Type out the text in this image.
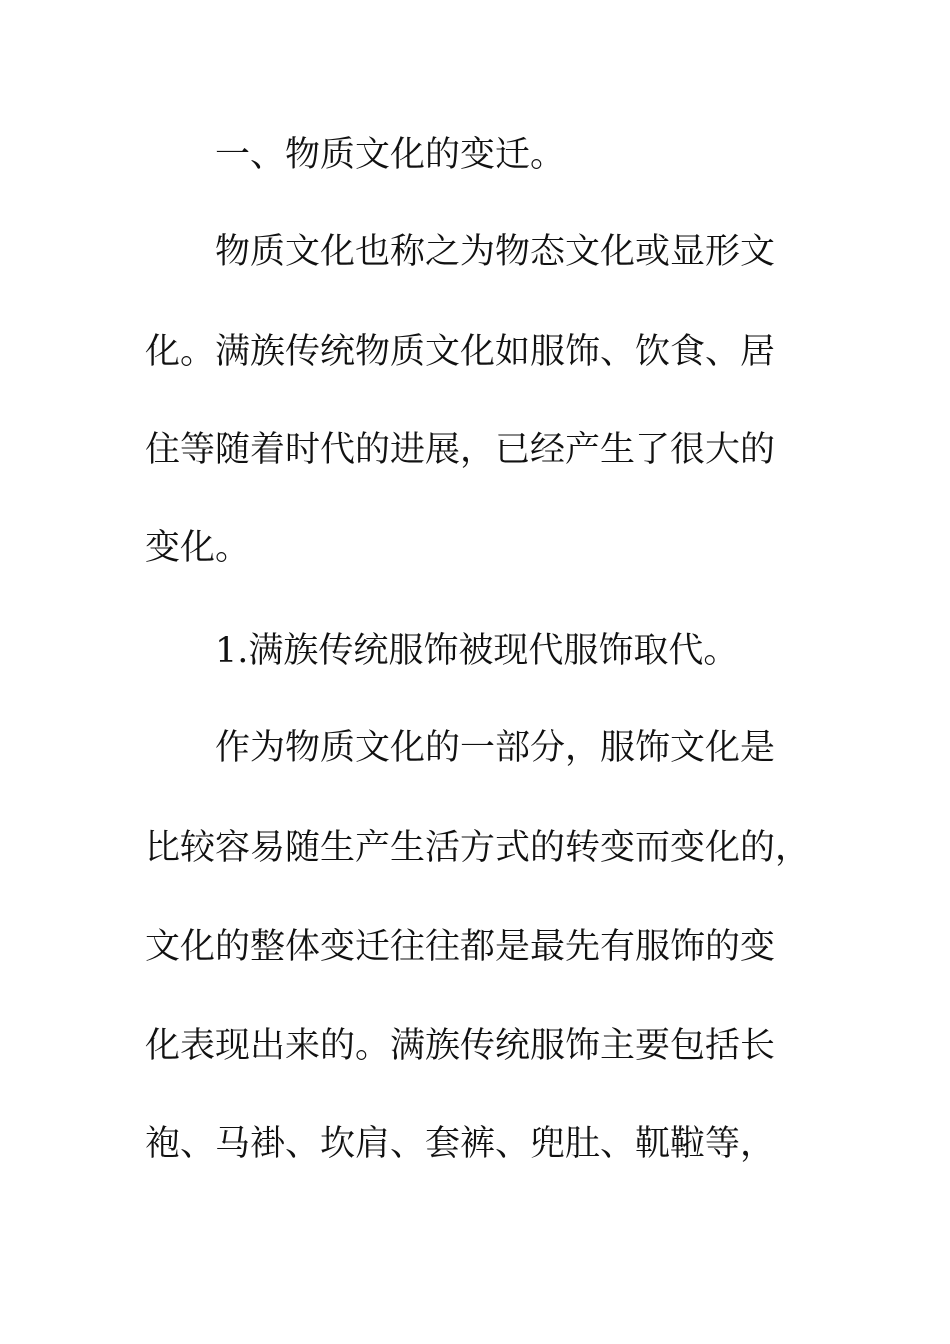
一、物质文化的变迁。
物质文化也称之为物态文化或显形文
化。满族传统物质文化如服饰、饮食、居
住等随着时代的进展，已经产生了很大的
变化。
1.满族传统服饰被现代服饰取代。
作为物质文化的一部分，服饰文化是
比较容易随生产生活方式的转变而变化的，
文化的整体变迁往往都是最先有服饰的变
化表现出来的。满族传统服饰主要包括长
袍、马褂、坎肩、套裤、兜肚、靰鞡等，
